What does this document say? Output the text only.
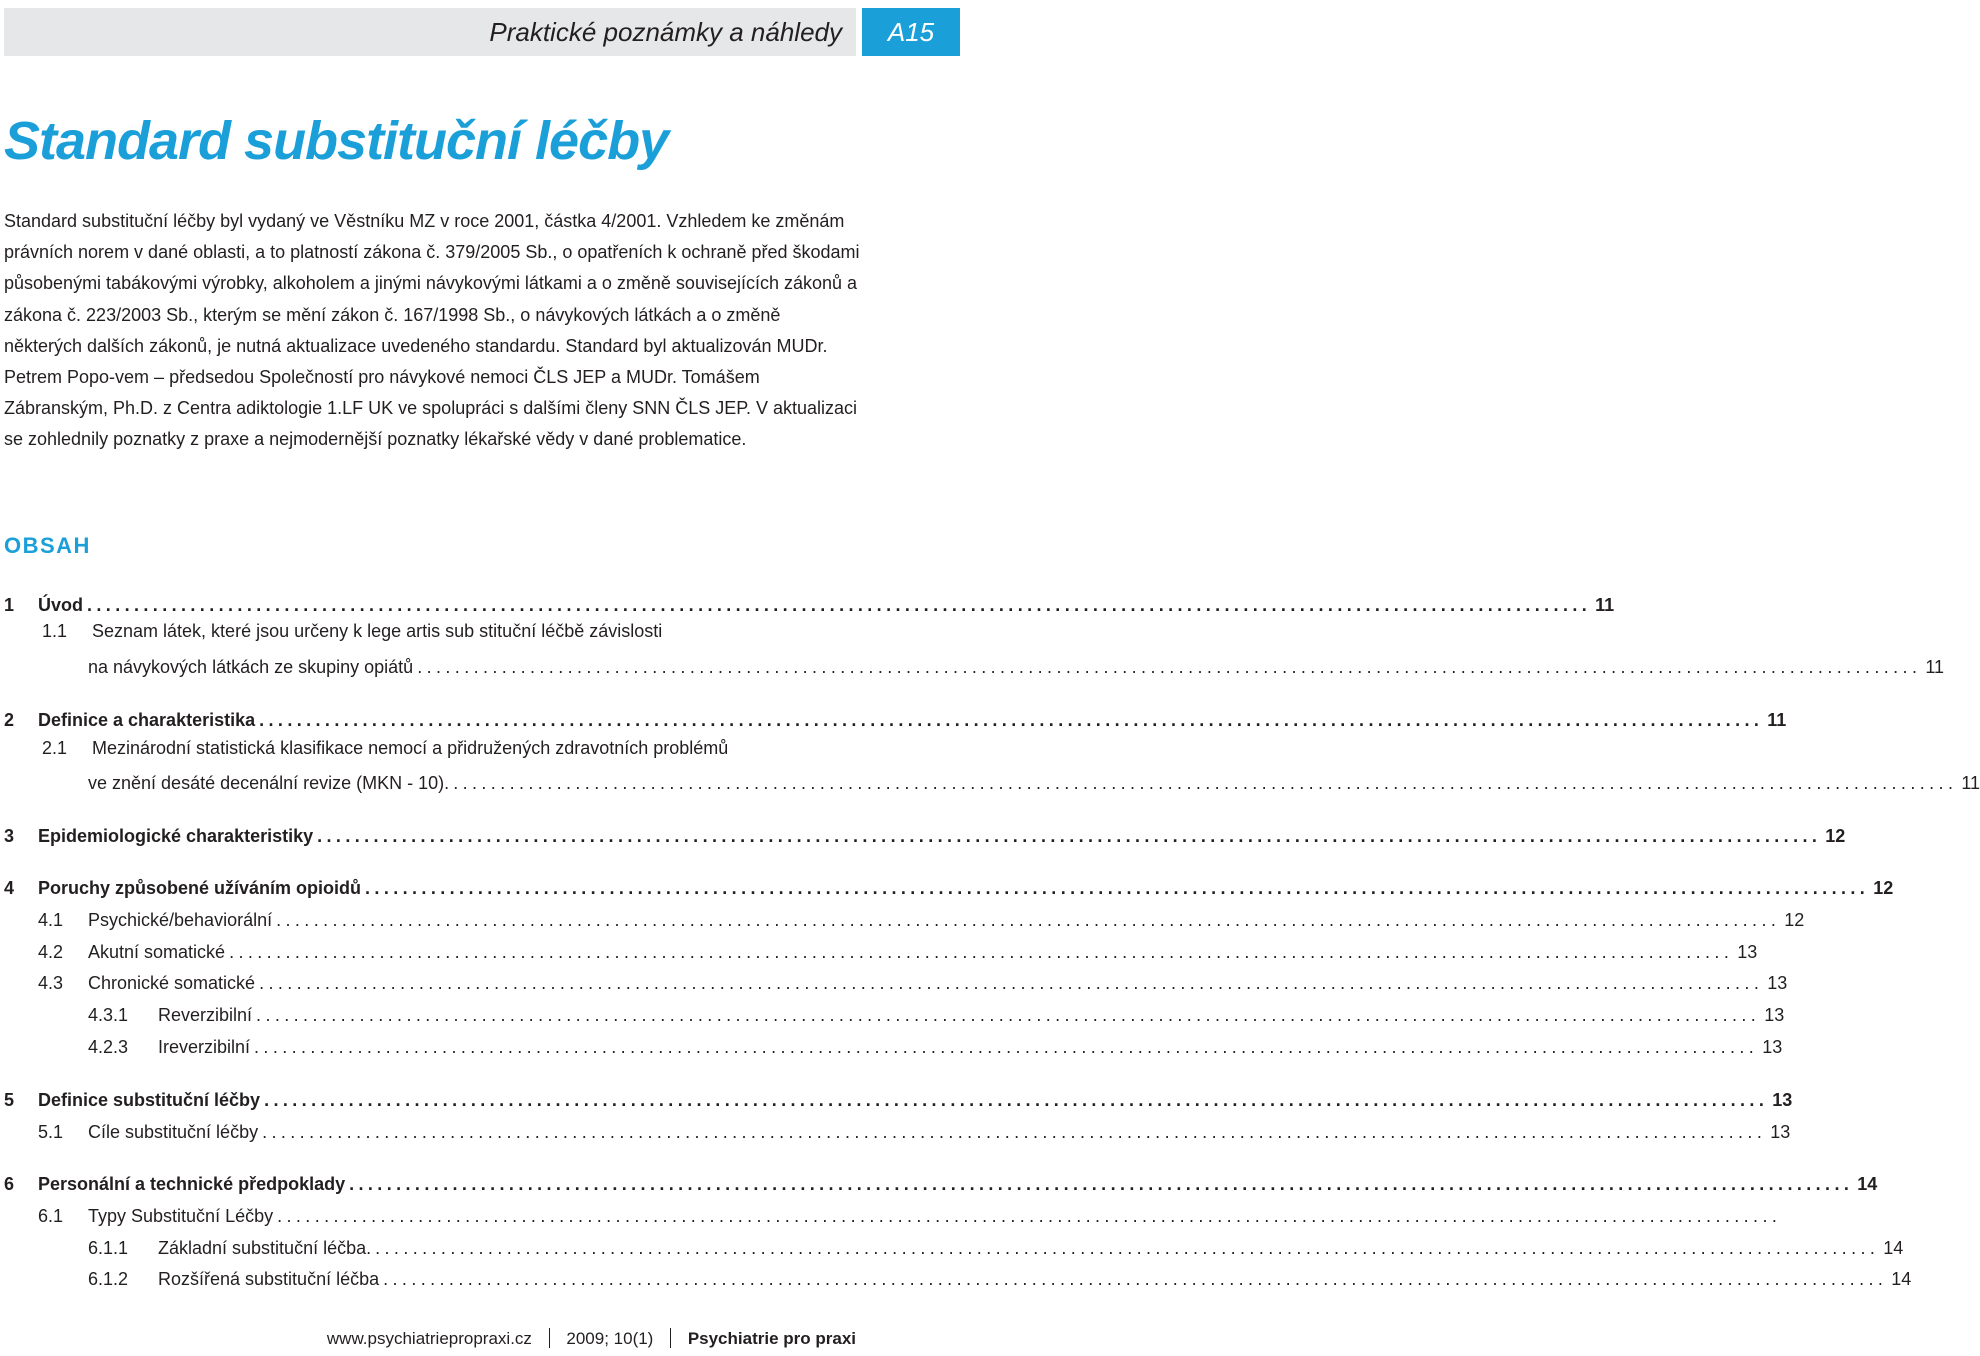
Praktické poznámky a náhledy	A15
Standard substituční léčby

Standard substituční léčby byl vydaný ve Věstníku MZ v roce 2001, částka 4/2001. Vzhledem ke změnám právních norem v dané oblasti, a to platností zákona č. 379/2005 Sb., o opatřeních k ochraně před škodami působenými tabákovými výrobky, alkoholem a jinými návykovými látkami a o změně souvisejících zákonů a zákona č. 223/2003 Sb., kterým se mění zákon č. 167/1998 Sb., o návykových látkách a o změně některých dalších zákonů, je nutná aktualizace uvedeného standardu. Standard byl aktualizován MUDr. Petrem Popo-vem – předsedou Společností pro návykové nemoci ČLS JEP a MUDr. Tomášem Zábranským, Ph.D. z Centra adiktologie 1.LF UK ve spolupráci s dalšími členy SNN ČLS JEP. V aktualizaci se zohlednily poznatky z praxe a nejmodernější poznatky lékařské vědy v dané problematice.

OBSAH
1	Úvod ................................................................................................................................................................ 11
1.1 Seznam látek, které jsou určeny k lege artis sub stituční léčbě závislosti
na návykových látkách ze skupiny opiátů ................................................................................................................................................................ 11
2	Definice a charakteristika ................................................................................................................................................................ 11
2.1 Mezinárodní statistická klasifikace nemocí a přidružených zdravotních problémů
ve znění desáté decenální revize (MKN - 10). ................................................................................................................................................................ 11
3	Epidemiologické charakteristiky ................................................................................................................................................................ 12
4	Poruchy způsobené užíváním opioidů ................................................................................................................................................................ 12
4.1	Psychické/behaviorální ................................................................................................................................................................ 12
4.2	Akutní somatické ................................................................................................................................................................ 13
4.3	Chronické somatické ................................................................................................................................................................ 13
4.3.1	Reverzibilní ................................................................................................................................................................ 13
4.2.3	Ireverzibilní ................................................................................................................................................................ 13
5	Definice substituční léčby ................................................................................................................................................................ 13
5.1	Cíle substituční léčby ................................................................................................................................................................ 13
6	Personální a technické předpoklady ................................................................................................................................................................ 14
6.1	Typy Substituční Léčby ................................................................................................................................................................
6.1.1	Základní substituční léčba. ................................................................................................................................................................ 14
6.1.2	Rozšířená substituční léčba ................................................................................................................................................................ 14
www.psychiatriepropraxi.cz 2009; 10(1) Psychiatrie pro praxi
